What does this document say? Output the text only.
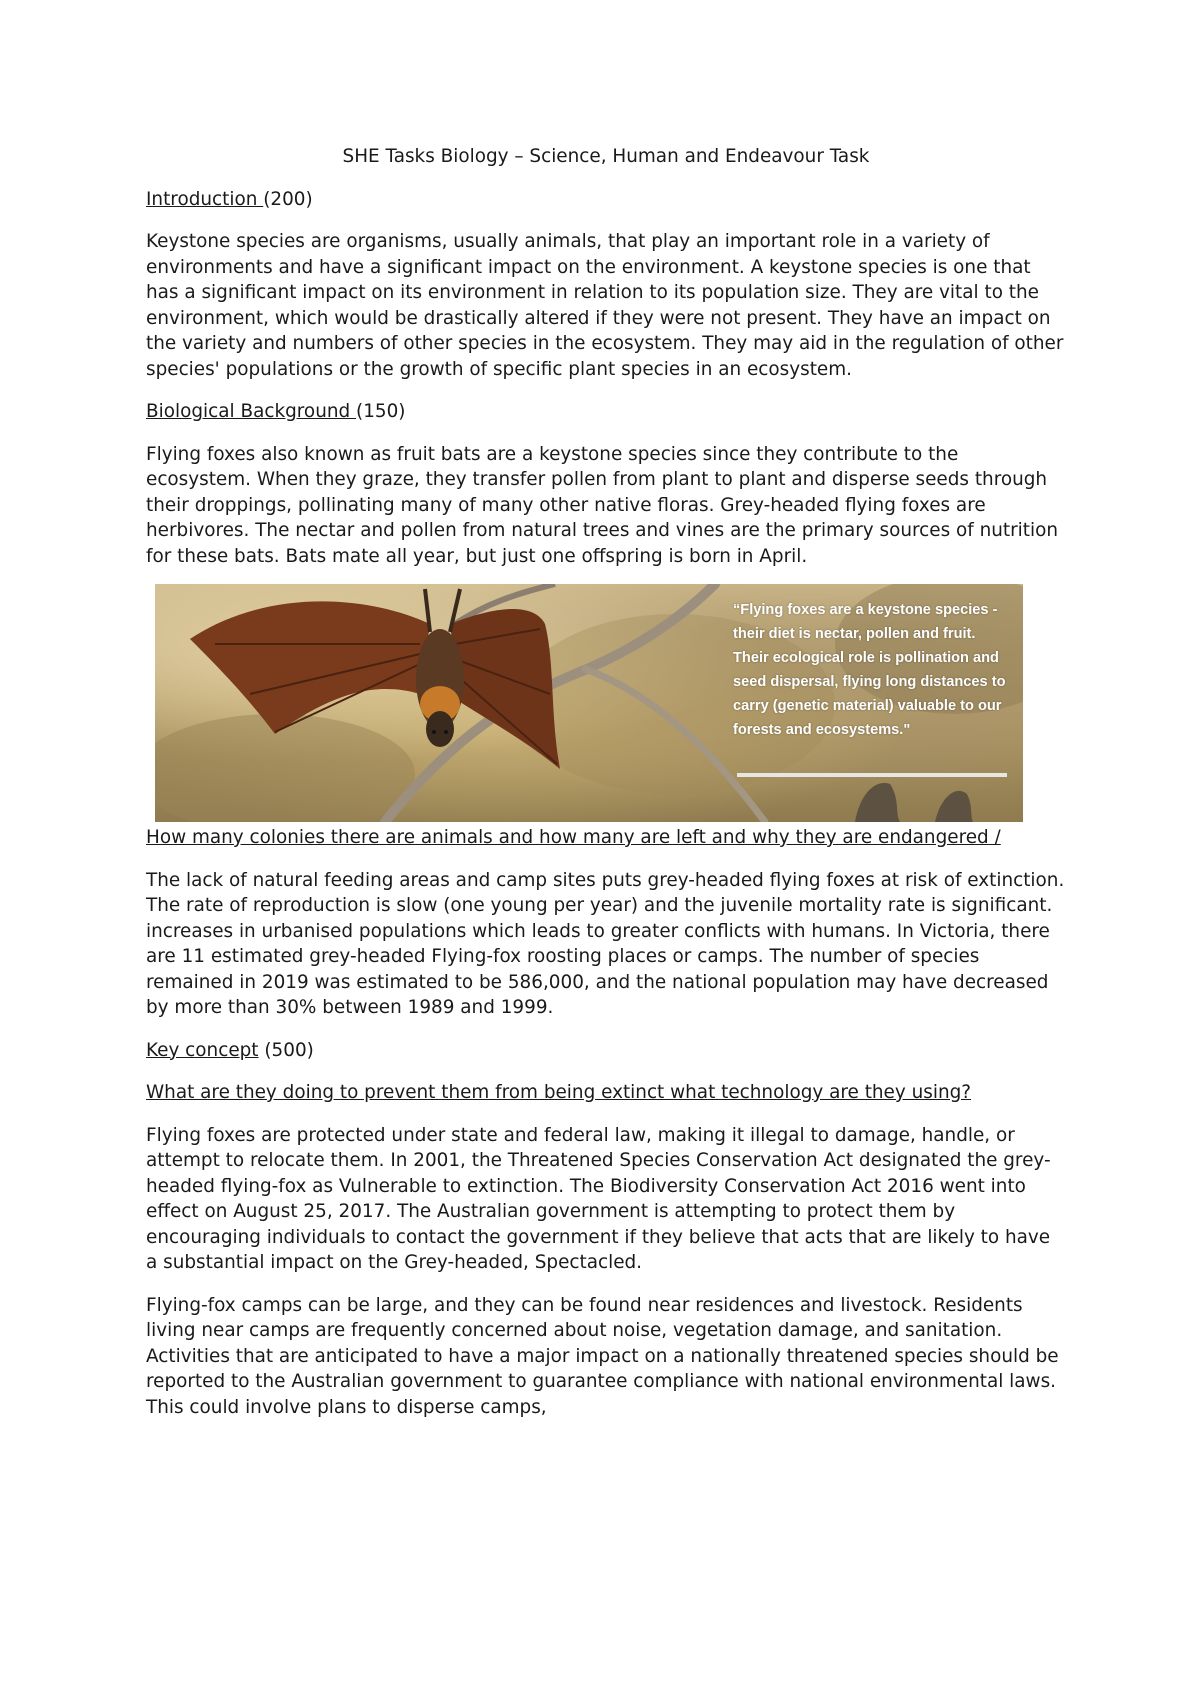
SHE Tasks Biology – Science, Human and Endeavour Task

Introduction (200)

Keystone species are organisms, usually animals, that play an important role in a variety of environments and have a significant impact on the environment. A keystone species is one that has a significant impact on its environment in relation to its population size. They are vital to the environment, which would be drastically altered if they were not present. They have an impact on the variety and numbers of other species in the ecosystem. They may aid in the regulation of other species' populations or the growth of specific plant species in an ecosystem.

Biological Background (150)

Flying foxes also known as fruit bats are a keystone species since they contribute to the ecosystem. When they graze, they transfer pollen from plant to plant and disperse seeds through their droppings, pollinating many of many other native floras. Grey-headed flying foxes are herbivores. The nectar and pollen from natural trees and vines are the primary sources of nutrition for these bats. Bats mate all year, but just one offspring is born in April.

“Flying foxes are a keystone species - their diet is nectar, pollen and fruit. Their ecological role is pollination and seed dispersal, flying long distances to carry (genetic material) valuable to our forests and ecosystems."

How many colonies there are animals and how many are left and why they are endangered /

The lack of natural feeding areas and camp sites puts grey-headed flying foxes at risk of extinction. The rate of reproduction is slow (one young per year) and the juvenile mortality rate is significant. increases in urbanised populations which leads to greater conflicts with humans. In Victoria, there are 11 estimated grey-headed Flying-fox roosting places or camps. The number of species remained in 2019 was estimated to be 586,000, and the national population may have decreased by more than 30% between 1989 and 1999.

Key concept (500)

What are they doing to prevent them from being extinct what technology are they using?

Flying foxes are protected under state and federal law, making it illegal to damage, handle, or attempt to relocate them. In 2001, the Threatened Species Conservation Act designated the grey-headed flying-fox as Vulnerable to extinction. The Biodiversity Conservation Act 2016 went into effect on August 25, 2017. The Australian government is attempting to protect them by encouraging individuals to contact the government if they believe that acts that are likely to have a substantial impact on the Grey-headed, Spectacled.

Flying-fox camps can be large, and they can be found near residences and livestock. Residents living near camps are frequently concerned about noise, vegetation damage, and sanitation. Activities that are anticipated to have a major impact on a nationally threatened species should be reported to the Australian government to guarantee compliance with national environmental laws. This could involve plans to disperse camps,
